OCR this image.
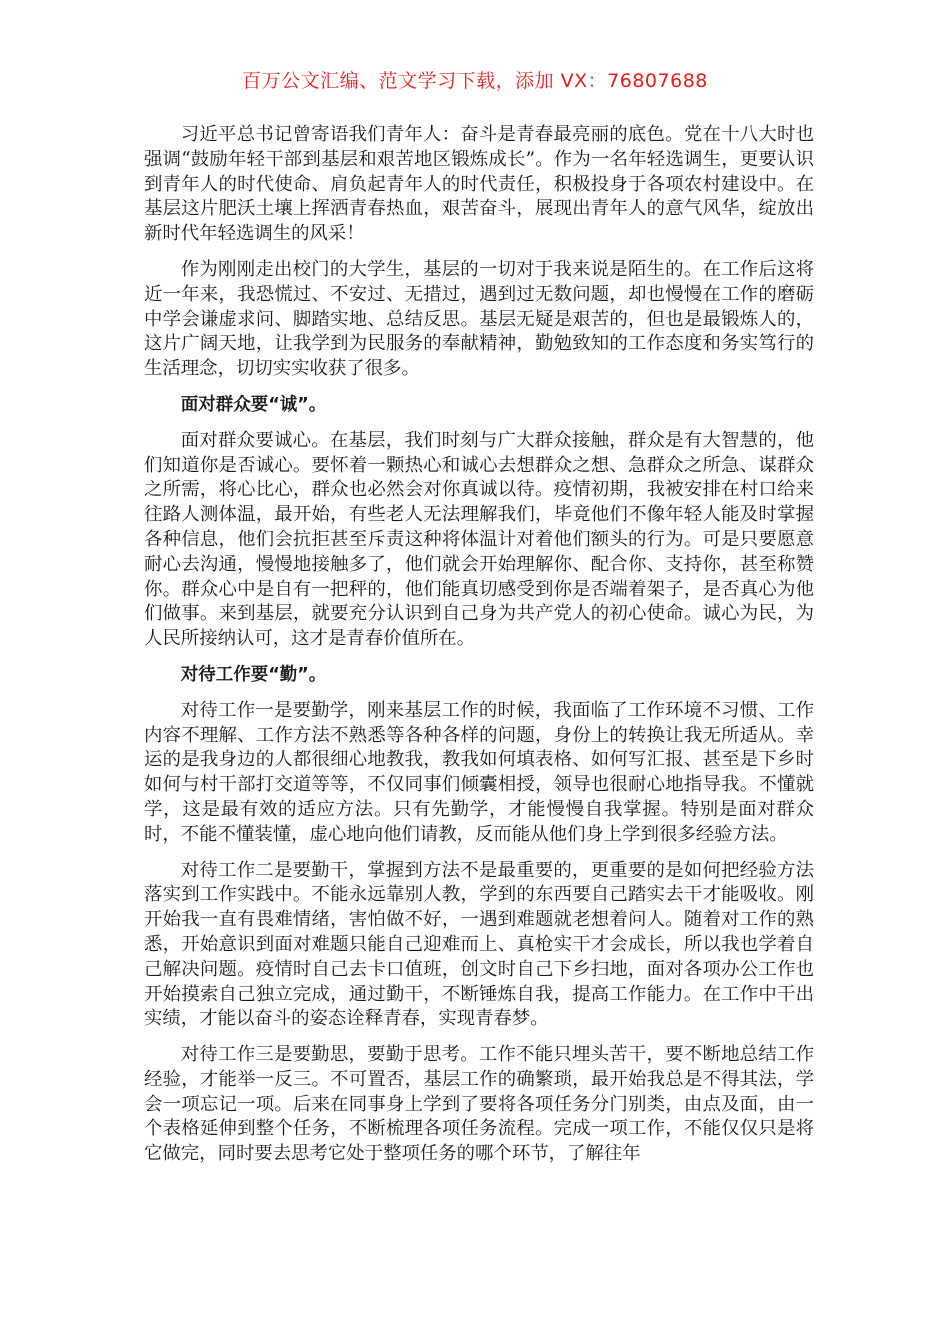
百万公文汇编、范文学习下载，添加 VX：76807688

习近平总书记曾寄语我们青年人：奋斗是青春最亮丽的底色。党在十八大时也强调“鼓励年轻干部到基层和艰苦地区锻炼成长”。作为一名年轻选调生，更要认识到青年人的时代使命、肩负起青年人的时代责任，积极投身于各项农村建设中。在基层这片肥沃土壤上挥洒青春热血，艰苦奋斗，展现出青年人的意气风华，绽放出新时代年轻选调生的风采！

作为刚刚走出校门的大学生，基层的一切对于我来说是陌生的。在工作后这将近一年来，我恐慌过、不安过、无措过，遇到过无数问题，却也慢慢在工作的磨砺中学会谦虚求问、脚踏实地、总结反思。基层无疑是艰苦的，但也是最锻炼人的，这片广阔天地，让我学到为民服务的奉献精神，勤勉致知的工作态度和务实笃行的生活理念，切切实实收获了很多。

面对群众要“诚”。

面对群众要诚心。在基层，我们时刻与广大群众接触，群众是有大智慧的，他们知道你是否诚心。要怀着一颗热心和诚心去想群众之想、急群众之所急、谋群众之所需，将心比心，群众也必然会对你真诚以待。疫情初期，我被安排在村口给来往路人测体温，最开始，有些老人无法理解我们，毕竟他们不像年轻人能及时掌握各种信息，他们会抗拒甚至斥责这种将体温计对着他们额头的行为。可是只要愿意耐心去沟通，慢慢地接触多了，他们就会开始理解你、配合你、支持你，甚至称赞你。群众心中是自有一把秤的，他们能真切感受到你是否端着架子，是否真心为他们做事。来到基层，就要充分认识到自己身为共产党人的初心使命。诚心为民，为人民所接纳认可，这才是青春价值所在。

对待工作要“勤”。

对待工作一是要勤学，刚来基层工作的时候，我面临了工作环境不习惯、工作内容不理解、工作方法不熟悉等各种各样的问题，身份上的转换让我无所适从。幸运的是我身边的人都很细心地教我，教我如何填表格、如何写汇报、甚至是下乡时如何与村干部打交道等等，不仅同事们倾囊相授，领导也很耐心地指导我。不懂就学，这是最有效的适应方法。只有先勤学，才能慢慢自我掌握。特别是面对群众时，不能不懂装懂，虚心地向他们请教，反而能从他们身上学到很多经验方法。

对待工作二是要勤干，掌握到方法不是最重要的，更重要的是如何把经验方法落实到工作实践中。不能永远靠别人教，学到的东西要自己踏实去干才能吸收。刚开始我一直有畏难情绪，害怕做不好，一遇到难题就老想着问人。随着对工作的熟悉，开始意识到面对难题只能自己迎难而上、真枪实干才会成长，所以我也学着自己解决问题。疫情时自己去卡口值班，创文时自己下乡扫地，面对各项办公工作也开始摸索自己独立完成，通过勤干，不断锤炼自我，提高工作能力。在工作中干出实绩，才能以奋斗的姿态诠释青春，实现青春梦。

对待工作三是要勤思，要勤于思考。工作不能只埋头苦干，要不断地总结工作经验，才能举一反三。不可置否，基层工作的确繁琐，最开始我总是不得其法，学会一项忘记一项。后来在同事身上学到了要将各项任务分门别类，由点及面，由一个表格延伸到整个任务，不断梳理各项任务流程。完成一项工作，不能仅仅只是将它做完，同时要去思考它处于整项任务的哪个环节，了解往年
